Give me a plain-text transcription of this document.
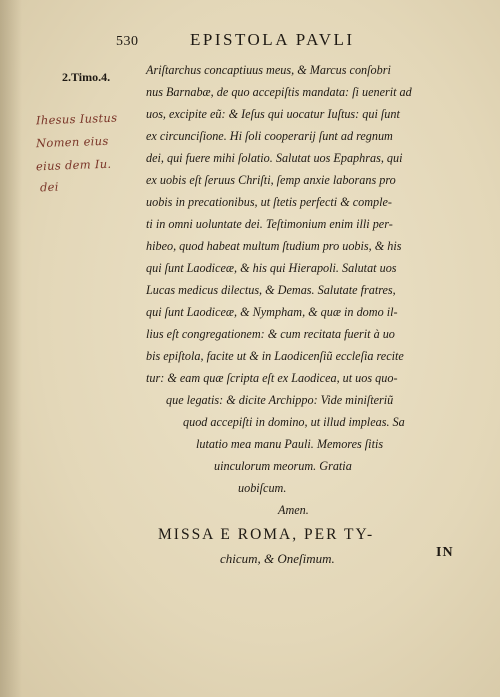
530	EPISTOLA PAVLI
2.Timo.4.
Ihesus Iustus
Nomen eius
eius dem Iu.
dei
Ariſtarchus concaptiuus meus, & Marcus conſobri
nus Barnabæ, de quo accepiſtis mandata: ſi uenerit ad
uos, excipite eũ: & Ieſus qui uocatur Iuſtus: qui ſunt
ex circunciſione. Hi ſoli cooperarij ſunt ad regnum
dei, qui fuere mihi ſolatio. Salutat uos Epaphras, qui
ex uobis eſt ſeruus Chriſti, ſemp anxie laborans pro
uobis in precationibus, ut ſtetis perfecti & comple-
ti in omni uoluntate dei. Teſtimonium enim illi per-
hibeo, quod habeat multum ſtudium pro uobis, & his
qui ſunt Laodiceæ, & his qui Hierapoli. Salutat uos
Lucas medicus dilectus, & Demas. Salutate fratres,
qui ſunt Laodiceæ, & Nympham, & quæ in domo il-
lius eſt congregationem: & cum recitata fuerit à uo
bis epiſtola, facite ut & in Laodicenſiũ eccleſia recite
tur: & eam quæ ſcripta eſt ex Laodicea, ut uos quo-
que legatis: & dicite Archippo: Vide miniſteriũ
quod accepiſti in domino, ut illud impleas. Sa
lutatio mea manu Pauli. Memores ſitis
uinculorum meorum. Gratia
uobiſcum.
Amen.
MISSA E ROMA, PER TY-
chicum, & Oneſimum.	IN
